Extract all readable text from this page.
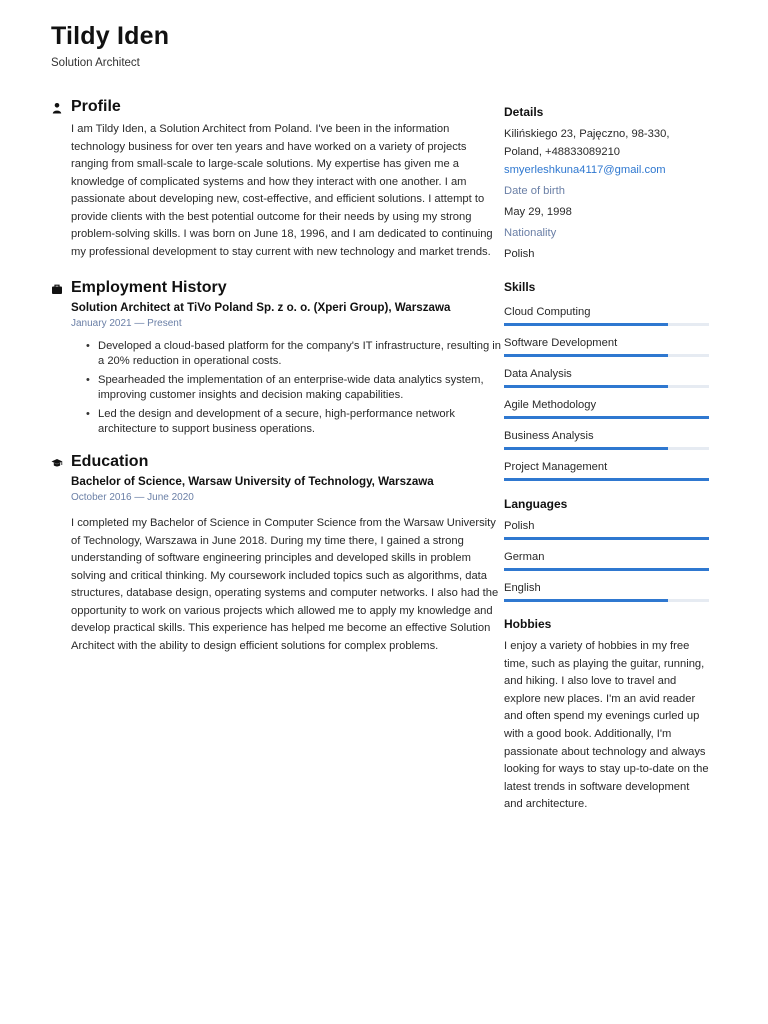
Tildy Iden
Solution Architect
Profile
I am Tildy Iden, a Solution Architect from Poland. I've been in the information technology business for over ten years and have worked on a variety of projects ranging from small-scale to large-scale solutions. My expertise has given me a knowledge of complicated systems and how they interact with one another. I am passionate about developing new, cost-effective, and efficient solutions. I attempt to provide clients with the best potential outcome for their needs by using my strong problem-solving skills. I was born on June 18, 1996, and I am dedicated to continuing my professional development to stay current with new technology and market trends.
Employment History
Solution Architect at TiVo Poland Sp. z o. o. (Xperi Group), Warszawa
January 2021 — Present
• Developed a cloud-based platform for the company's IT infrastructure, resulting in a 20% reduction in operational costs.
• Spearheaded the implementation of an enterprise-wide data analytics system, improving customer insights and decision making capabilities.
• Led the design and development of a secure, high-performance network architecture to support business operations.
Education
Bachelor of Science, Warsaw University of Technology, Warszawa
October 2016 — June 2020
I completed my Bachelor of Science in Computer Science from the Warsaw University of Technology, Warszawa in June 2018. During my time there, I gained a strong understanding of software engineering principles and developed skills in problem solving and critical thinking. My coursework included topics such as algorithms, data structures, database design, operating systems and computer networks. I also had the opportunity to work on various projects which allowed me to apply my knowledge and develop practical skills. This experience has helped me become an effective Solution Architect with the ability to design efficient solutions for complex problems.
Details
Kilińskiego 23, Pajęczno, 98-330,
Poland, +48833089210
smyerleshkuna4117@gmail.com
Date of birth
May 29, 1998
Nationality
Polish
Skills
Cloud Computing
Software Development
Data Analysis
Agile Methodology
Business Analysis
Project Management
Languages
Polish
German
English
Hobbies
I enjoy a variety of hobbies in my free time, such as playing the guitar, running, and hiking. I also love to travel and explore new places. I'm an avid reader and often spend my evenings curled up with a good book. Additionally, I'm passionate about technology and always looking for ways to stay up-to-date on the latest trends in software development and architecture.
